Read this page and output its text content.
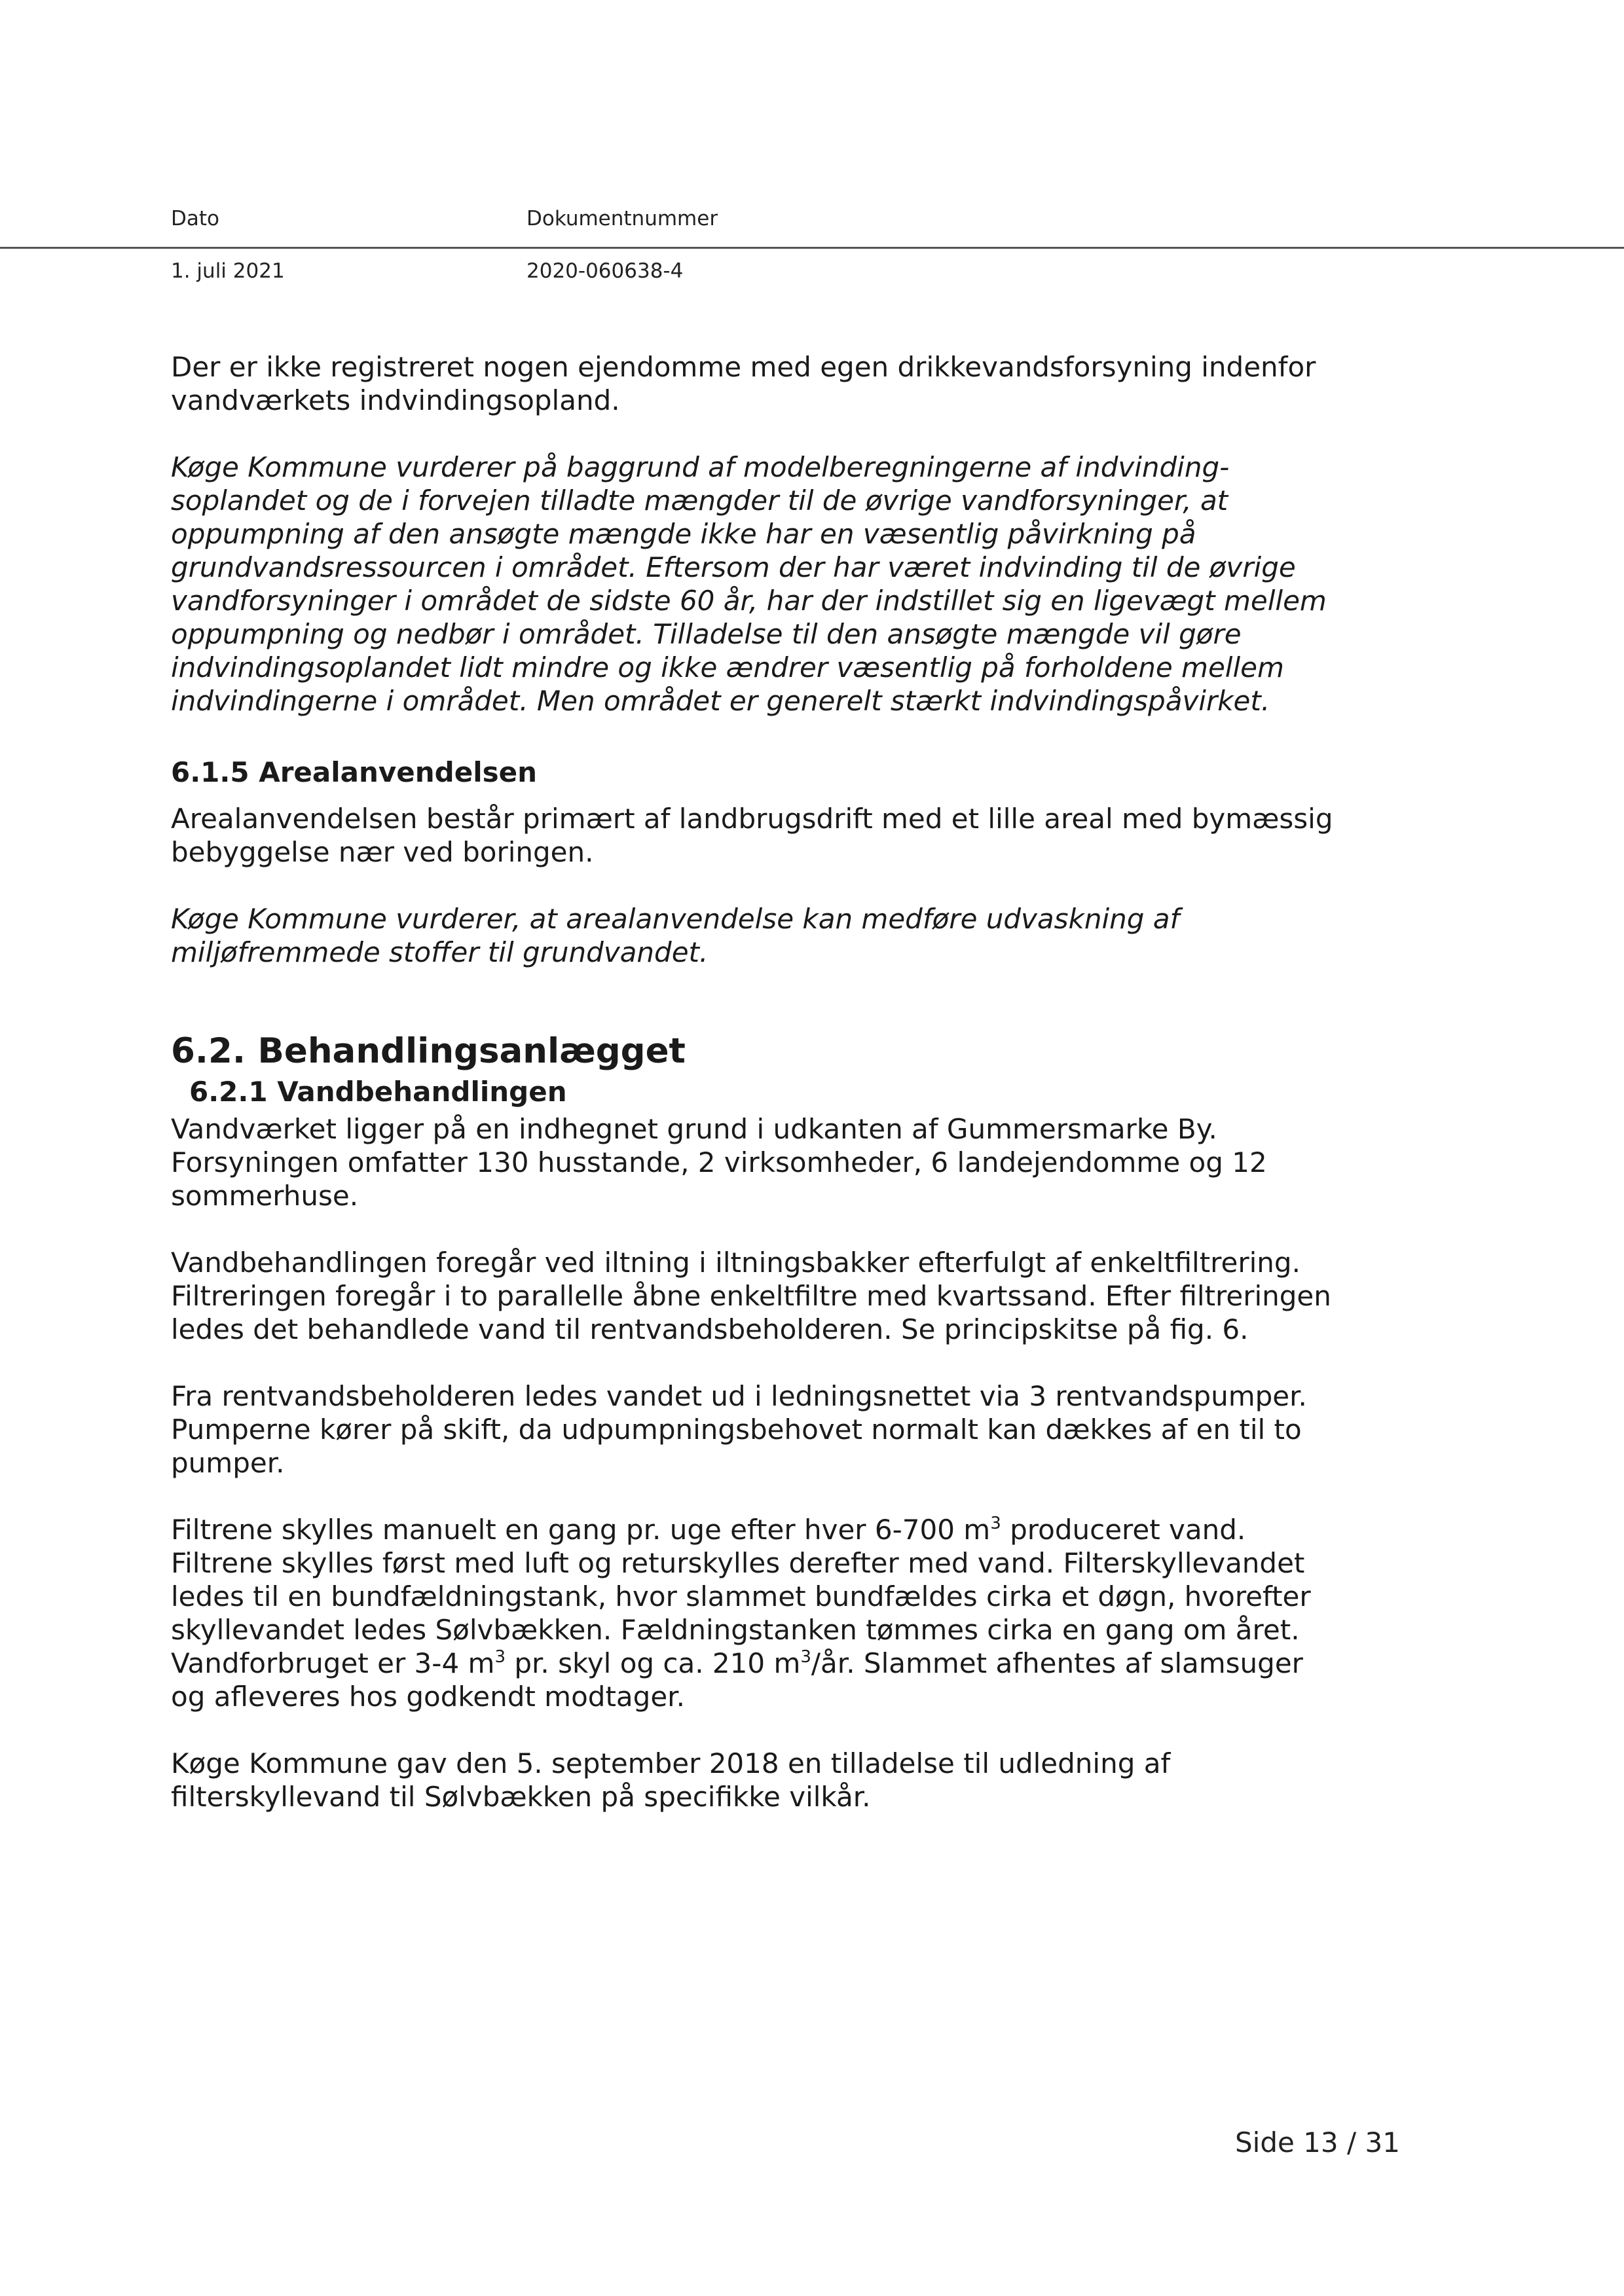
Dato	Dokumentnummer
1. juli 2021	2020-060638-4

Der er ikke registreret nogen ejendomme med egen drikkevandsforsyning indenfor vandværkets indvindingsopland.

Køge Kommune vurderer på baggrund af modelberegningerne af indvinding-
soplandet og de i forvejen tilladte mængder til de øvrige vandforsyninger, at
oppumpning af den ansøgte mængde ikke har en væsentlig påvirkning på
grundvandsressourcen i området. Eftersom der har været indvinding til de øvrige
vandforsyninger i området de sidste 60 år, har der indstillet sig en ligevægt mellem
oppumpning og nedbør i området. Tilladelse til den ansøgte mængde vil gøre
indvindingsoplandet lidt mindre og ikke ændrer væsentlig på forholdene mellem
indvindingerne i området. Men området er generelt stærkt indvindingspåvirket.

6.1.5 Arealanvendelsen

Arealanvendelsen består primært af landbrugsdrift med et lille areal med bymæssig bebyggelse nær ved boringen.

Køge Kommune vurderer, at arealanvendelse kan medføre udvaskning af miljøfremmede stoffer til grundvandet.

6.2. Behandlingsanlægget
6.2.1 Vandbehandlingen

Vandværket ligger på en indhegnet grund i udkanten af Gummersmarke By. Forsyningen omfatter 130 husstande, 2 virksomheder, 6 landejendomme og 12 sommerhuse.

Vandbehandlingen foregår ved iltning i iltningsbakker efterfulgt af enkeltfiltrering. Filtreringen foregår i to parallelle åbne enkeltfiltre med kvartssand. Efter filtreringen ledes det behandlede vand til rentvandsbeholderen. Se principskitse på fig. 6.

Fra rentvandsbeholderen ledes vandet ud i ledningsnettet via 3 rentvandspumper. Pumperne kører på skift, da udpumpningsbehovet normalt kan dækkes af en til to pumper.

Filtrene skylles manuelt en gang pr. uge efter hver 6-700 $m^3$ produceret vand. Filtrene skylles først med luft og returskylles derefter med vand. Filterskyllevandet ledes til en bundfældningstank, hvor slammet bundfældes cirka et døgn, hvorefter skyllevandet ledes Sølvbækken. Fældningstanken tømmes cirka en gang om året. Vandforbruget er 3-4 $m^3$ pr. skyl og ca. 210 $m^3/år$. Slammet afhentes af slamsuger og afleveres hos godkendt modtager.

Køge Kommune gav den 5. september 2018 en tilladelse til udledning af filterskyllevand til Sølvbækken på specifikke vilkår.

Side 13 / 31
